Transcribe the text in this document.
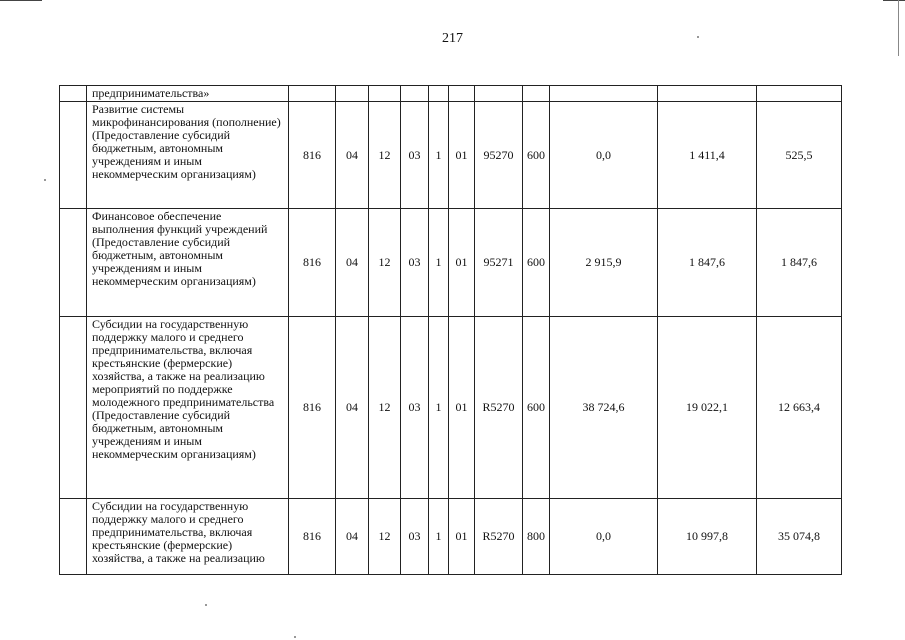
217
	предпринимательства»											
	Развитие системы микрофинансирования (пополнение) (Предоставление субсидий бюджетным, автономным учреждениям и иным некоммерческим организациям)	816	04	12	03	1	01	95270	600	0,0	1 411,4	525,5
	Финансовое обеспечение выполнения функций учреждений (Предоставление субсидий бюджетным, автономным учреждениям и иным некоммерческим организациям)	816	04	12	03	1	01	95271	600	2 915,9	1 847,6	1 847,6
	Субсидии на государственную поддержку малого и среднего предпринимательства, включая крестьянские (фермерские) хозяйства, а также на реализацию мероприятий по поддержке молодежного предпринимательства (Предоставление субсидий бюджетным, автономным учреждениям и иным некоммерческим организациям)	816	04	12	03	1	01	R5270	600	38 724,6	19 022,1	12 663,4
	Субсидии на государственную поддержку малого и среднего предпринимательства, включая крестьянские (фермерские) хозяйства, а также на реализацию	816	04	12	03	1	01	R5270	800	0,0	10 997,8	35 074,8
